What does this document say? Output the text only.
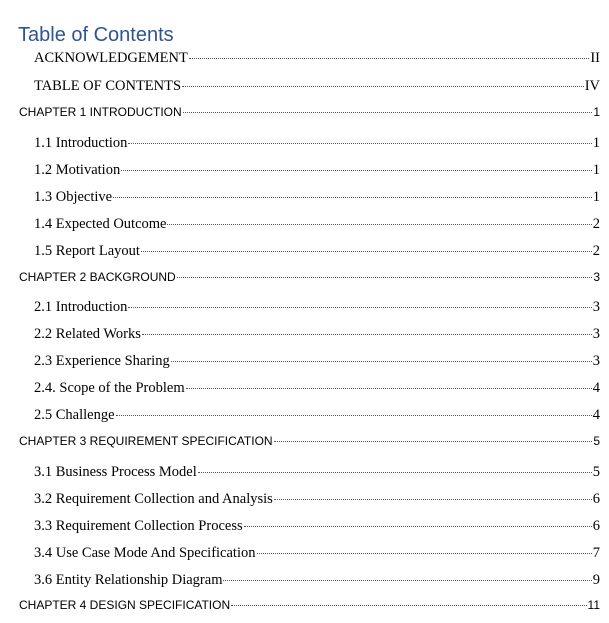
Table of Contents
ACKNOWLEDGEMENT	II
TABLE OF CONTENTS	IV
CHAPTER 1 INTRODUCTION	1
1.1 Introduction	1
1.2 Motivation	1
1.3 Objective	1
1.4 Expected Outcome	2
1.5 Report Layout	2
CHAPTER 2 BACKGROUND	3
2.1 Introduction	3
2.2 Related Works	3
2.3 Experience Sharing	3
2.4. Scope of the Problem	4
2.5 Challenge	4
CHAPTER 3 REQUIREMENT SPECIFICATION	5
3.1 Business Process Model	5
3.2 Requirement Collection and Analysis	6
3.3 Requirement Collection Process	6
3.4 Use Case Mode And Specification	7
3.6 Entity Relationship Diagram	9
CHAPTER 4 DESIGN SPECIFICATION	11
